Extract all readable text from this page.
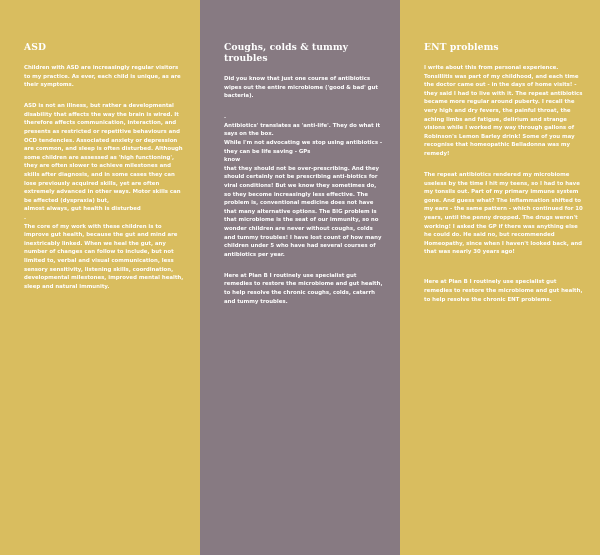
ASD

Children with ASD are increasingly regular visitors to my practice. As ever, each child is unique, as are their symptoms.

ASD is not an illness, but rather a developmental disability that affects the way the brain is wired. It therefore affects communication, interaction, and presents as restricted or repetitive behaviours and OCD tendencies. Associated anxiety or depression are common, and sleep is often disturbed. Although some children are assessed as 'high functioning', they are often slower to achieve milestones and skills after diagnosis, and in some cases they can lose previously acquired skills, yet are often extremely advanced in other ways. Motor skills can be affected (dyspraxia) but,

almost always, gut health is disturbed

.

The core of my work with these children is to improve gut health, because the gut and mind are inextricably linked. When we heal the gut, any number of changes can follow to include, but not limited to, verbal and visual communication, less sensory sensitivity, listening skills, coordination, developmental milestones, improved mental health, sleep and natural immunity.

Coughs, colds & tummy troubles

Did you know that just one course of antibiotics wipes out the entire microbiome ('good & bad' gut bacteria).

.

Antibiotics' translates as 'anti-life'. They do what it says on the box.

While I'm not advocating we stop using antibiotics - they can be life saving - GPs

know

that they should not be over-prescribing. And they should certainly not be prescribing anti-biotics for viral conditions! But we know they sometimes do, so they become increasingly less effective. The problem is, conventional medicine does not have that many alternative options. The BIG problem is that microbiome is the seat of our immunity, so no wonder children are never without coughs, colds and tummy troubles! I have lost count of how many children under 5 who have had several courses of antibiotics per year.

Here at Plan B I routinely use specialist gut remedies to restore the microbiome and gut health, to help resolve the chronic coughs, colds, catarrh and tummy troubles.

ENT problems

I write about this from personal experience. Tonsillitis was part of my childhood, and each time the doctor came out - in the days of home visits! - they said I had to live with it. The repeat antibiotics became more regular around puberty. I recall the very high and dry fevers, the painful throat, the aching limbs and fatigue, delirium and strange visions while I worked my way through gallons of Robinson's Lemon Barley drink! Some of you may recognise that homeopathic Belladonna was my remedy!

The repeat antibiotics rendered my microbiome useless by the time I hit my teens, so I had to have my tonsils out. Part of my primary immune system gone. And guess what? The inflammation shifted to my ears - the same pattern - which continued for 10 years, until the penny dropped. The drugs weren't working! I asked the GP if there was anything else he could do. He said no, but recommended Homeopathy, since when I haven't looked back, and that was nearly 30 years ago!

Here at Plan B I routinely use specialist gut remedies to restore the microbiome and gut health, to help resolve the chronic ENT problems.
